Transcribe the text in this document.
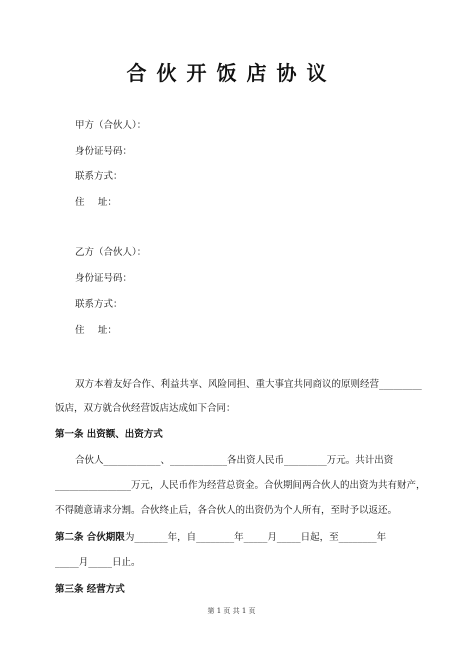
合伙开饭店协议
甲方（合伙人）：
身份证号码：
联系方式：
住 址：
乙方（合伙人）：
身份证号码：
联系方式：
住 址：
双方本着友好合作、利益共享、风险同担、重大事宜共同商议的原则经营_________
饭店，双方就合伙经营饭店达成如下合同：
第一条 出资额、出资方式
合伙人____________、____________各出资人民币_________万元。共计出资
________________万元，人民币作为经营总资金。合伙期间两合伙人的出资为共有财产，
不得随意请求分割。合伙终止后，各合伙人的出资仍为个人所有，至时予以返还。
第二条 合伙期限为_______年，自________年_____月_____日起，至________年
_____月_____日止。
第三条 经营方式
第 1 页 共 1 页
